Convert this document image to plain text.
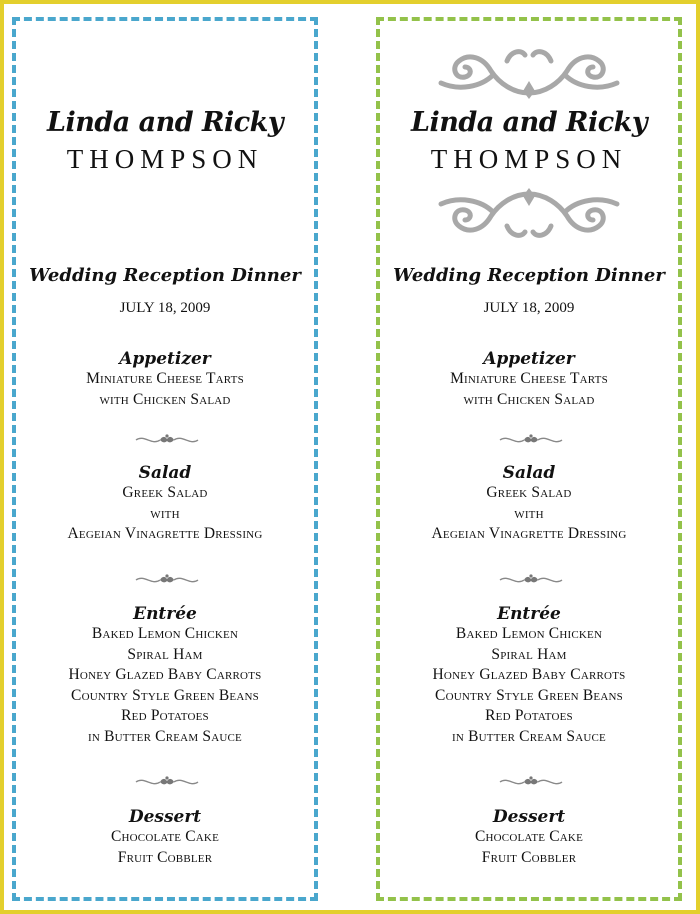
Linda and Ricky
THOMPSON
Wedding Reception Dinner
JULY 18, 2009
Appetizer
Miniature Cheese Tarts
with Chicken Salad
Salad
Greek Salad
with
Aegeian Vinagrette Dressing
Entrée
Baked Lemon Chicken
Spiral Ham
Honey Glazed Baby Carrots
Country Style Green Beans
Red Potatoes
in Butter Cream Sauce
Dessert
Chocolate Cake
Fruit Cobbler
Linda and Ricky
THOMPSON
Wedding Reception Dinner
JULY 18, 2009
Appetizer
Miniature Cheese Tarts
with Chicken Salad
Salad
Greek Salad
with
Aegeian Vinagrette Dressing
Entrée
Baked Lemon Chicken
Spiral Ham
Honey Glazed Baby Carrots
Country Style Green Beans
Red Potatoes
in Butter Cream Sauce
Dessert
Chocolate Cake
Fruit Cobbler
